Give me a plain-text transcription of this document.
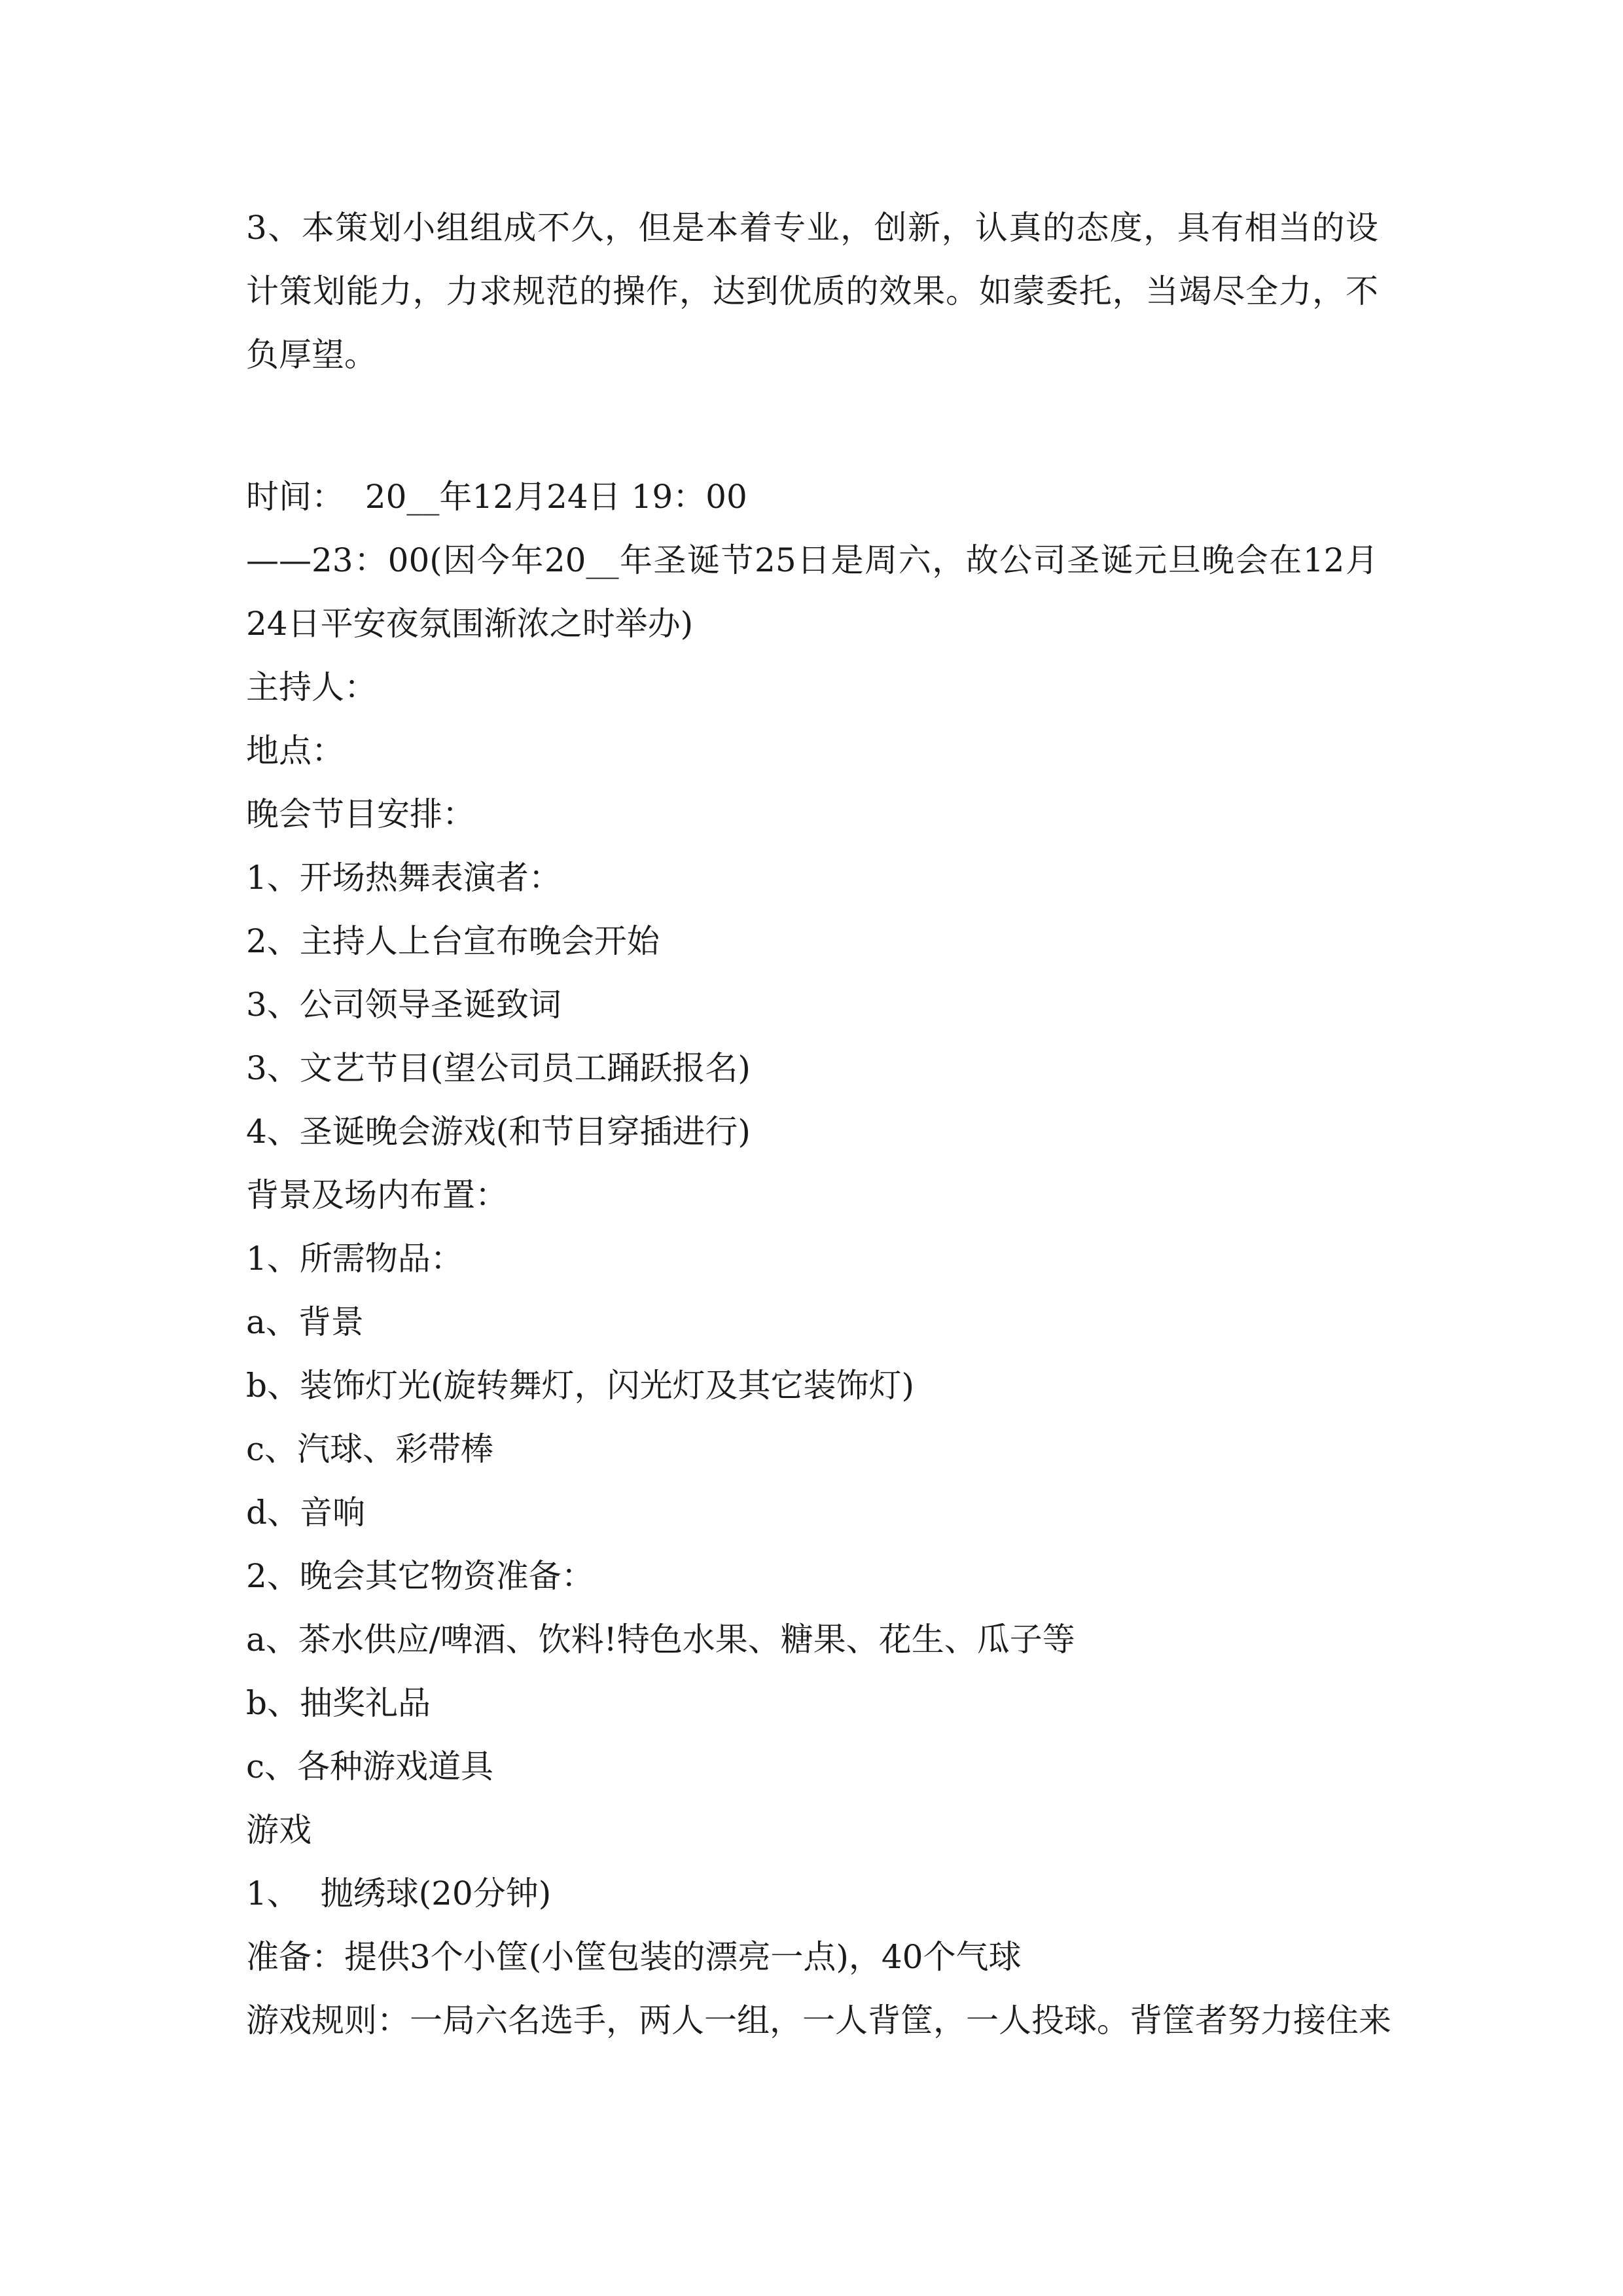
3、本策划小组组成不久，但是本着专业，创新，认真的态度，具有相当的设计策划能力，力求规范的操作，达到优质的效果。如蒙委托，当竭尽全力，不负厚望。

时间：  20__年12月24日 19：00

——23：00(因今年20__年圣诞节25日是周六，故公司圣诞元旦晚会在12月24日平安夜氛围渐浓之时举办)

主持人：

地点：

晚会节目安排：

1、开场热舞表演者：

2、主持人上台宣布晚会开始

3、公司领导圣诞致词

3、文艺节目(望公司员工踊跃报名)

4、圣诞晚会游戏(和节目穿插进行)

背景及场内布置：

1、所需物品：

a、背景

b、装饰灯光(旋转舞灯，闪光灯及其它装饰灯)

c、汽球、彩带棒

d、音响

2、晚会其它物资准备：

a、茶水供应/啤酒、饮料!特色水果、糖果、花生、瓜子等

b、抽奖礼品

c、各种游戏道具

游戏

1、  抛绣球(20分钟)

准备：提供3个小筐(小筐包装的漂亮一点)，40个气球

游戏规则：一局六名选手，两人一组，一人背筐，一人投球。背筐者努力接住来
